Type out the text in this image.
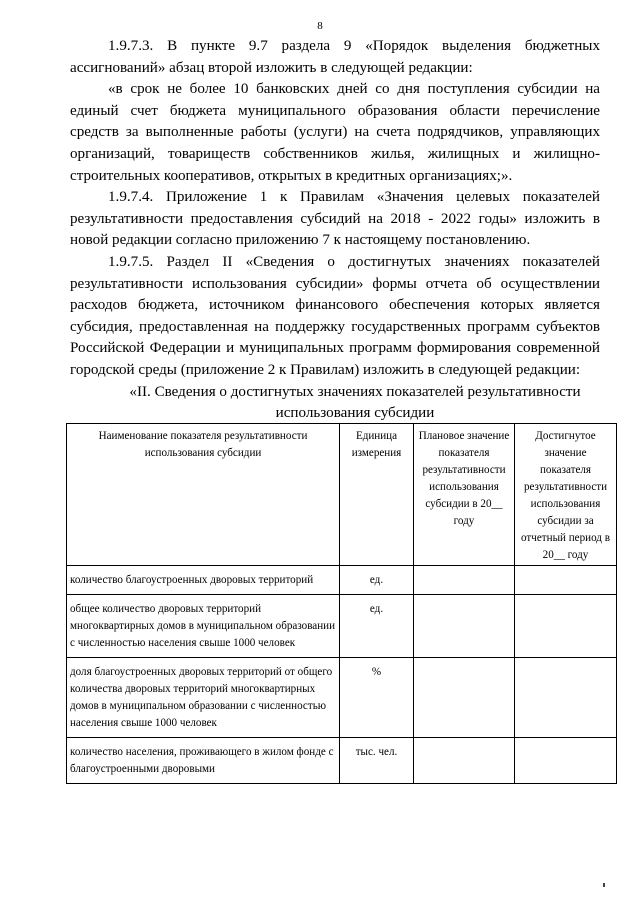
8

1.9.7.3. В пункте 9.7 раздела 9 «Порядок выделения бюджетных ассигнований» абзац второй изложить в следующей редакции:

«в срок не более 10 банковских дней со дня поступления субсидии на единый счет бюджета муниципального образования области перечисление средств за выполненные работы (услуги) на счета подрядчиков, управляющих организаций, товариществ собственников жилья, жилищных и жилищно-строительных кооперативов, открытых в кредитных организациях;».

1.9.7.4. Приложение 1 к Правилам «Значения целевых показателей результативности предоставления субсидий на 2018 - 2022 годы» изложить в новой редакции согласно приложению 7 к настоящему постановлению.

1.9.7.5. Раздел II «Сведения о достигнутых значениях показателей результативности использования субсидии» формы отчета об осуществлении расходов бюджета, источником финансового обеспечения которых является субсидия, предоставленная на поддержку государственных программ субъектов Российской Федерации и муниципальных программ формирования современной городской среды (приложение 2 к Правилам) изложить в следующей редакции:

«II. Сведения о достигнутых значениях показателей результативности

использования субсидии

Наименование показателя результативности использования субсидии	Единица измерения	Плановое значение показателя результативности использования субсидии в 20__ году	Достигнутое значение показателя результативности использования субсидии за отчетный период в 20__ году
количество благоустроенных дворовых территорий	ед.		
общее количество дворовых территорий многоквартирных домов в муниципальном образовании с численностью населения свыше 1000 человек	ед.		
доля благоустроенных дворовых территорий от общего количества дворовых территорий многоквартирных домов в муниципальном образовании с численностью населения свыше 1000 человек	%		
количество населения, проживающего в жилом фонде с благоустроенными дворовыми	тыс. чел.		
